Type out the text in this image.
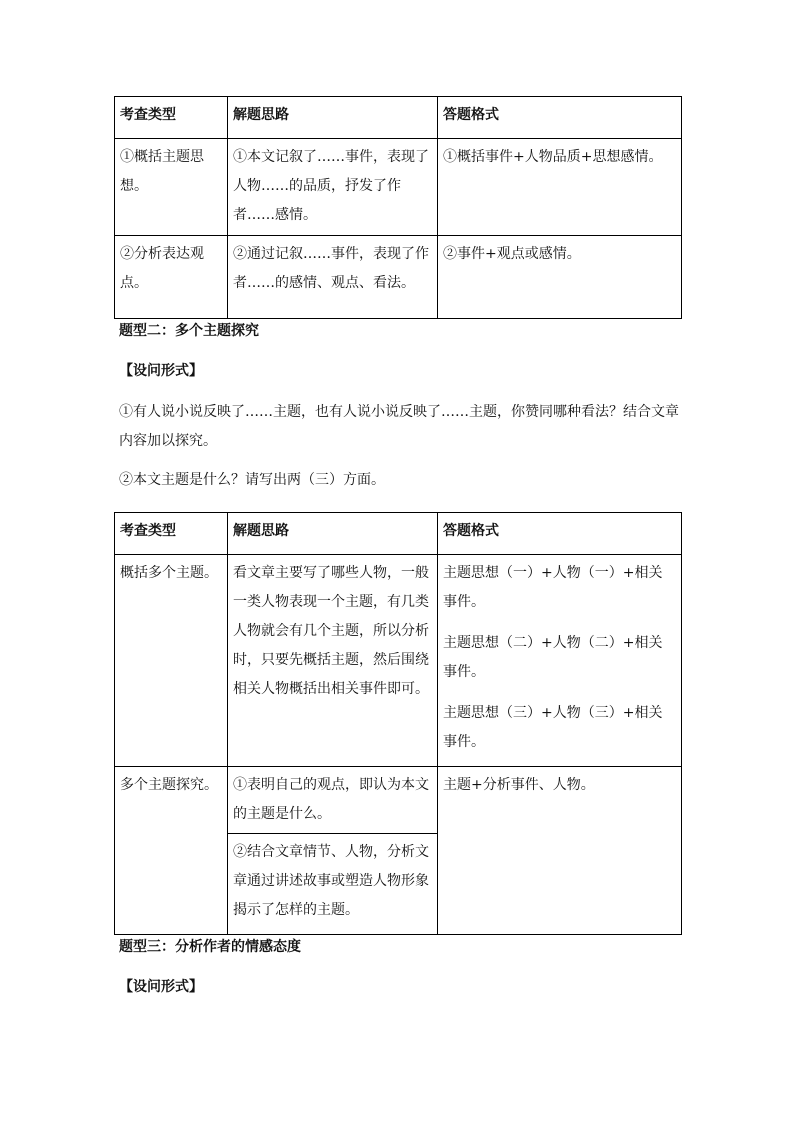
考查类型	解题思路	答题格式
①概括主题思想。	①本文记叙了……事件，表现了人物……的品质，抒发了作者……感情。	①概括事件+人物品质+思想感情。
②分析表达观点。	②通过记叙……事件，表现了作者……的感情、观点、看法。	②事件+观点或感情。
题型二：多个主题探究
【设问形式】
①有人说小说反映了……主题，也有人说小说反映了……主题，你赞同哪种看法？结合文章内容加以探究。
②本文主题是什么？请写出两（三）方面。
考查类型	解题思路	答题格式
概括多个主题。	看文章主要写了哪些人物，一般一类人物表现一个主题，有几类人物就会有几个主题，所以分析时，只要先概括主题，然后围绕相关人物概括出相关事件即可。	主题思想（一）+人物（一）+相关事件。
主题思想（二）+人物（二）+相关事件。
主题思想（三）+人物（三）+相关事件。

多个主题探究。	①表明自己的观点，即认为本文的主题是什么。
②结合文章情节、人物，分析文章通过讲述故事或塑造人物形象揭示了怎样的主题。	主题+分析事件、人物。
题型三：分析作者的情感态度
【设问形式】
